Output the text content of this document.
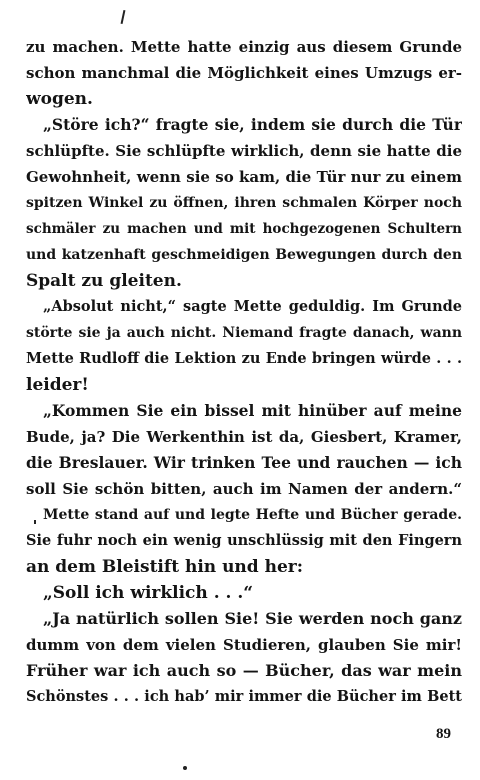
zu machen. Mette hatte einzig aus diesem Grunde
schon manchmal die Möglichkeit eines Umzugs er-
wogen.
„Störe ich?“ fragte sie, indem sie durch die Tür
schlüpfte. Sie schlüpfte wirklich, denn sie hatte die
Gewohnheit, wenn sie so kam, die Tür nur zu einem
spitzen Winkel zu öffnen, ihren schmalen Körper noch
schmäler zu machen und mit hochgezogenen Schultern
und katzenhaft geschmeidigen Bewegungen durch den
Spalt zu gleiten.
„Absolut nicht,“ sagte Mette geduldig. Im Grunde
störte sie ja auch nicht. Niemand fragte danach, wann
Mette Rudloff die Lektion zu Ende bringen würde . . .
leider!
„Kommen Sie ein bissel mit hinüber auf meine
Bude, ja? Die Werkenthin ist da, Giesbert, Kramer,
die Breslauer. Wir trinken Tee und rauchen — ich
soll Sie schön bitten, auch im Namen der andern.“
Mette stand auf und legte Hefte und Bücher gerade.
Sie fuhr noch ein wenig unschlüssig mit den Fingern
an dem Bleistift hin und her:
„Soll ich wirklich . . .“
„Ja natürlich sollen Sie! Sie werden noch ganz
dumm von dem vielen Studieren, glauben Sie mir!
Früher war ich auch so — Bücher, das war mein
Schönstes . . . ich hab’ mir immer die Bücher im Bett
89
